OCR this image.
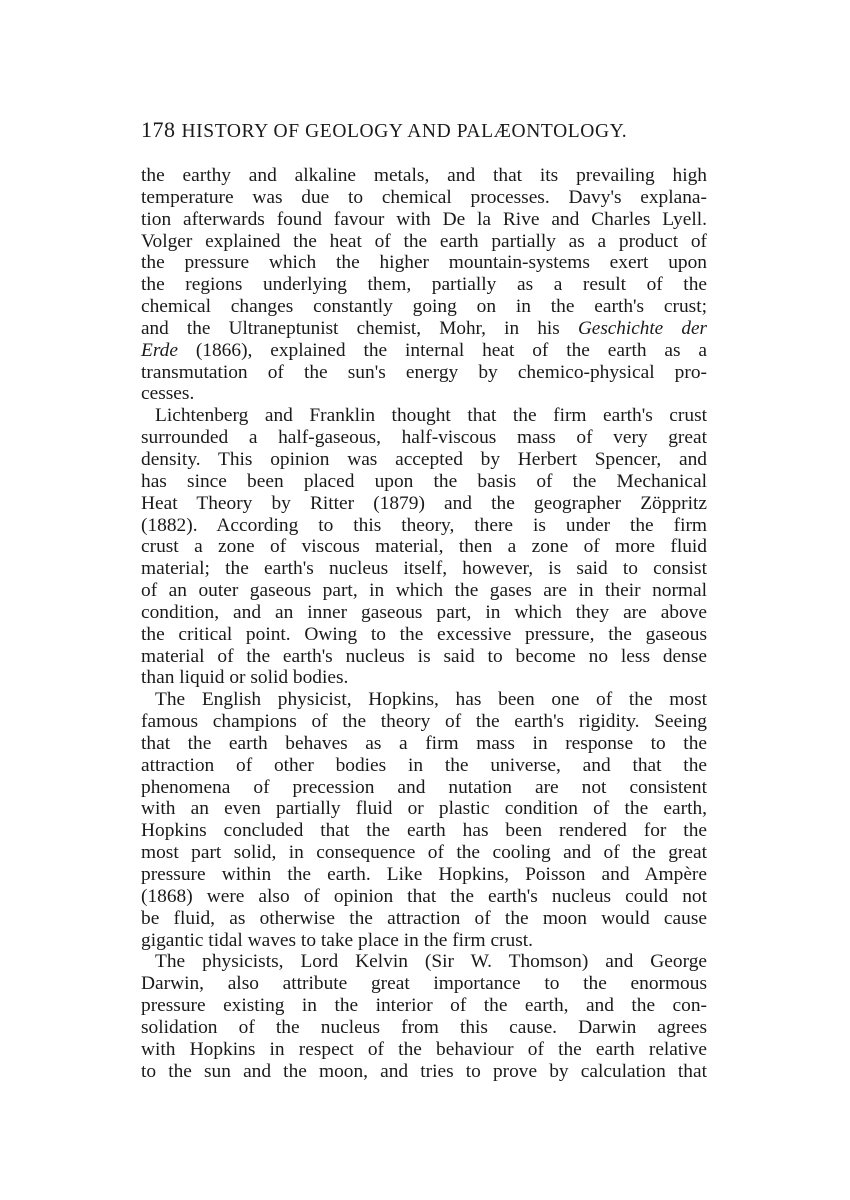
178 HISTORY OF GEOLOGY AND PALÆONTOLOGY.
the earthy and alkaline metals, and that its prevailing high
temperature was due to chemical processes. Davy's explana-
tion afterwards found favour with De la Rive and Charles Lyell.
Volger explained the heat of the earth partially as a product of
the pressure which the higher mountain-systems exert upon
the regions underlying them, partially as a result of the
chemical changes constantly going on in the earth's crust;
and the Ultraneptunist chemist, Mohr, in his Geschichte der
Erde (1866), explained the internal heat of the earth as a
transmutation of the sun's energy by chemico-physical pro-
cesses.
Lichtenberg and Franklin thought that the firm earth's crust
surrounded a half-gaseous, half-viscous mass of very great
density. This opinion was accepted by Herbert Spencer, and
has since been placed upon the basis of the Mechanical
Heat Theory by Ritter (1879) and the geographer Zöppritz
(1882). According to this theory, there is under the firm
crust a zone of viscous material, then a zone of more fluid
material; the earth's nucleus itself, however, is said to consist
of an outer gaseous part, in which the gases are in their normal
condition, and an inner gaseous part, in which they are above
the critical point. Owing to the excessive pressure, the gaseous
material of the earth's nucleus is said to become no less dense
than liquid or solid bodies.
The English physicist, Hopkins, has been one of the most
famous champions of the theory of the earth's rigidity. Seeing
that the earth behaves as a firm mass in response to the
attraction of other bodies in the universe, and that the
phenomena of precession and nutation are not consistent
with an even partially fluid or plastic condition of the earth,
Hopkins concluded that the earth has been rendered for the
most part solid, in consequence of the cooling and of the great
pressure within the earth. Like Hopkins, Poisson and Ampère
(1868) were also of opinion that the earth's nucleus could not
be fluid, as otherwise the attraction of the moon would cause
gigantic tidal waves to take place in the firm crust.
The physicists, Lord Kelvin (Sir W. Thomson) and George
Darwin, also attribute great importance to the enormous
pressure existing in the interior of the earth, and the con-
solidation of the nucleus from this cause. Darwin agrees
with Hopkins in respect of the behaviour of the earth relative
to the sun and the moon, and tries to prove by calculation that
